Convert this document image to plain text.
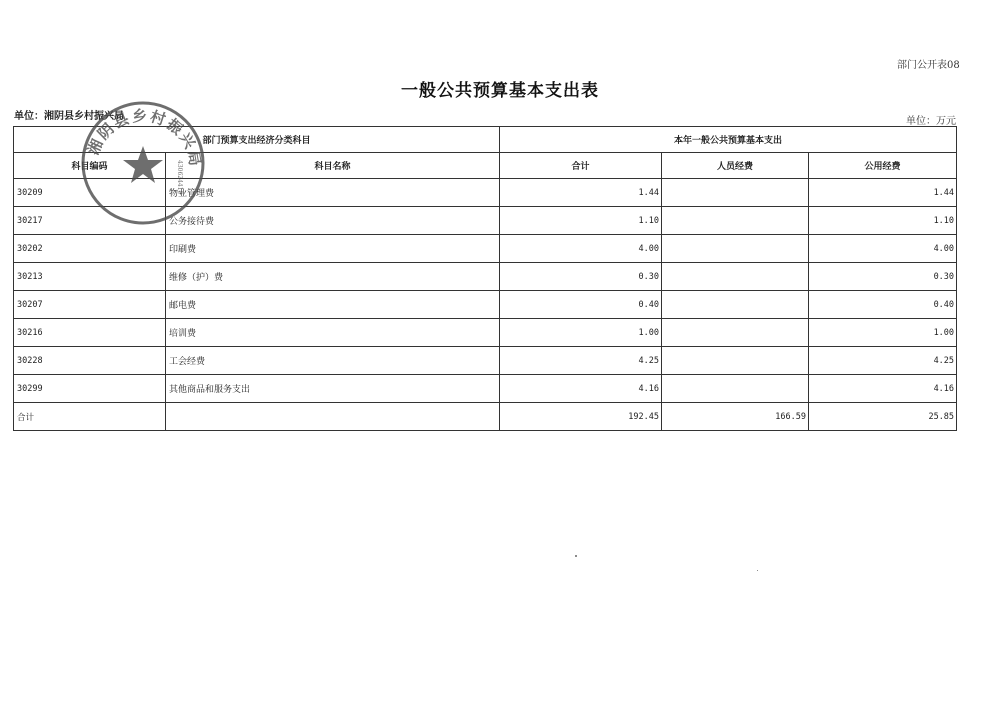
部门公开表08
一般公共预算基本支出表
单位：湘阴县乡村振兴局	单位：万元
部门预算支出经济分类科目		本年一般公共预算基本支出		
科目编码	科目名称	合计	人员经费	公用经费
30209	物业管理费	1.44		1.44
30217	公务接待费	1.10		1.10
30202	印刷费	4.00		4.00
30213	维修（护）费	0.30		0.30
30207	邮电费	0.40		0.40
30216	培训费	1.00		1.00
30228	工会经费	4.25		4.25
30299	其他商品和服务支出	4.16		4.16
合计		192.45	166.59	25.85
湘阴县乡村振兴局
430624410
